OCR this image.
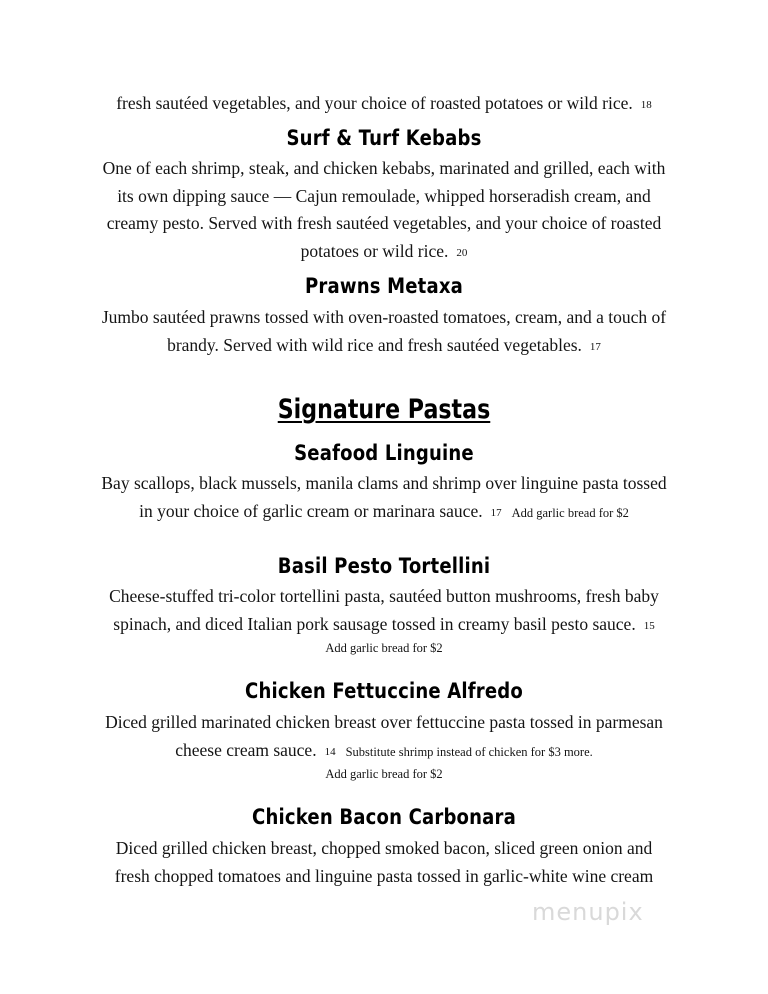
fresh sautéed vegetables, and your choice of roasted potatoes or wild rice. 18
Surf & Turf Kebabs
One of each shrimp, steak, and chicken kebabs, marinated and grilled, each with
its own dipping sauce — Cajun remoulade, whipped horseradish cream, and
creamy pesto. Served with fresh sautéed vegetables, and your choice of roasted
potatoes or wild rice. 20
Prawns Metaxa
Jumbo sautéed prawns tossed with oven-roasted tomatoes, cream, and a touch of
brandy. Served with wild rice and fresh sautéed vegetables. 17
Signature Pastas
Seafood Linguine
Bay scallops, black mussels, manila clams and shrimp over linguine pasta tossed
in your choice of garlic cream or marinara sauce. 17 Add garlic bread for $2
Basil Pesto Tortellini
Cheese-stuffed tri-color tortellini pasta, sautéed button mushrooms, fresh baby
spinach, and diced Italian pork sausage tossed in creamy basil pesto sauce. 15
Add garlic bread for $2
Chicken Fettuccine Alfredo
Diced grilled marinated chicken breast over fettuccine pasta tossed in parmesan
cheese cream sauce. 14 Substitute shrimp instead of chicken for $3 more.
Add garlic bread for $2
Chicken Bacon Carbonara
Diced grilled chicken breast, chopped smoked bacon, sliced green onion and
fresh chopped tomatoes and linguine pasta tossed in garlic-white wine cream
menupix
